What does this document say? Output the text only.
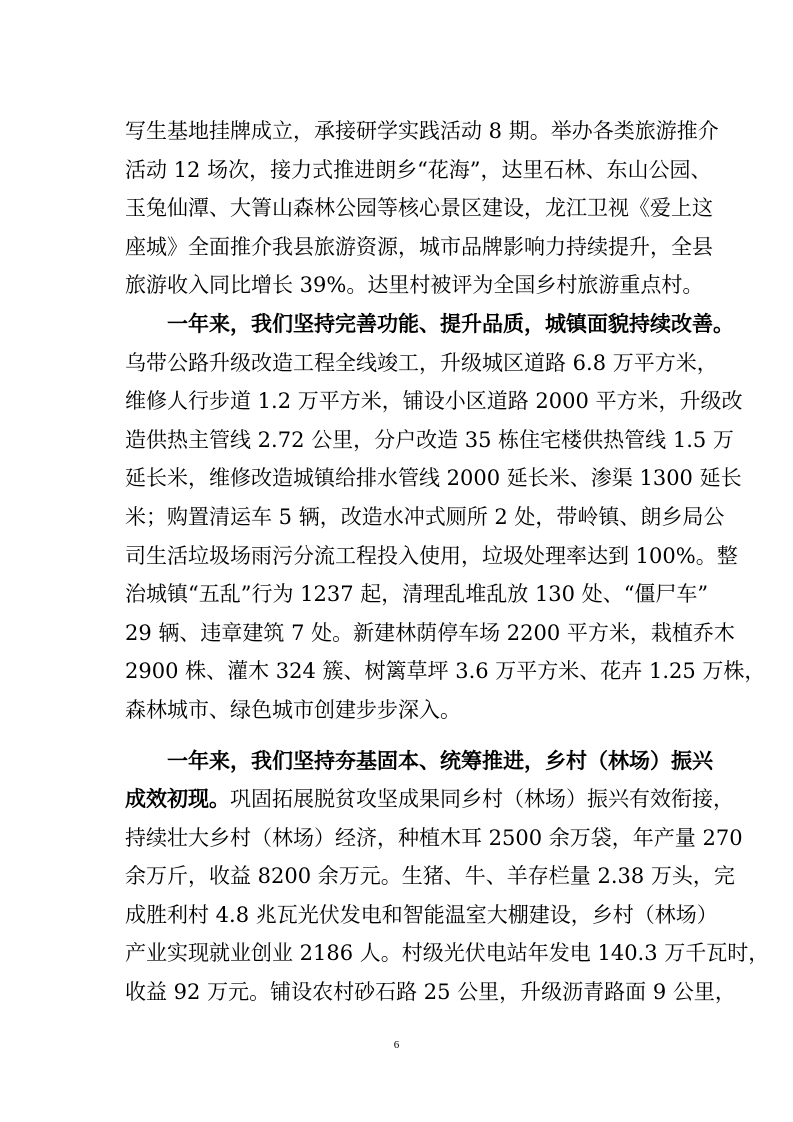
写生基地挂牌成立，承接研学实践活动 8 期。举办各类旅游推介
活动 12 场次，接力式推进朗乡“花海”，达里石林、东山公园、
玉兔仙潭、大箐山森林公园等核心景区建设，龙江卫视《爱上这
座城》全面推介我县旅游资源，城市品牌影响力持续提升，全县
旅游收入同比增长 39%。达里村被评为全国乡村旅游重点村。
一年来，我们坚持完善功能、提升品质，城镇面貌持续改善。
乌带公路升级改造工程全线竣工，升级城区道路 6.8 万平方米，
维修人行步道 1.2 万平方米，铺设小区道路 2000 平方米，升级改
造供热主管线 2.72 公里，分户改造 35 栋住宅楼供热管线 1.5 万
延长米，维修改造城镇给排水管线 2000 延长米、渗渠 1300 延长
米；购置清运车 5 辆，改造水冲式厕所 2 处，带岭镇、朗乡局公
司生活垃圾场雨污分流工程投入使用，垃圾处理率达到 100%。整
治城镇“五乱”行为 1237 起，清理乱堆乱放 130 处、“僵尸车”
29 辆、违章建筑 7 处。新建林荫停车场 2200 平方米，栽植乔木
2900 株、灌木 324 簇、树篱草坪 3.6 万平方米、花卉 1.25 万株，
森林城市、绿色城市创建步步深入。
一年来，我们坚持夯基固本、统筹推进，乡村（林场）振兴
成效初现。巩固拓展脱贫攻坚成果同乡村（林场）振兴有效衔接，
持续壮大乡村（林场）经济，种植木耳 2500 余万袋，年产量 270
余万斤，收益 8200 余万元。生猪、牛、羊存栏量 2.38 万头，完
成胜利村 4.8 兆瓦光伏发电和智能温室大棚建设，乡村（林场）
产业实现就业创业 2186 人。村级光伏电站年发电 140.3 万千瓦时，
收益 92 万元。铺设农村砂石路 25 公里，升级沥青路面 9 公里，
6
